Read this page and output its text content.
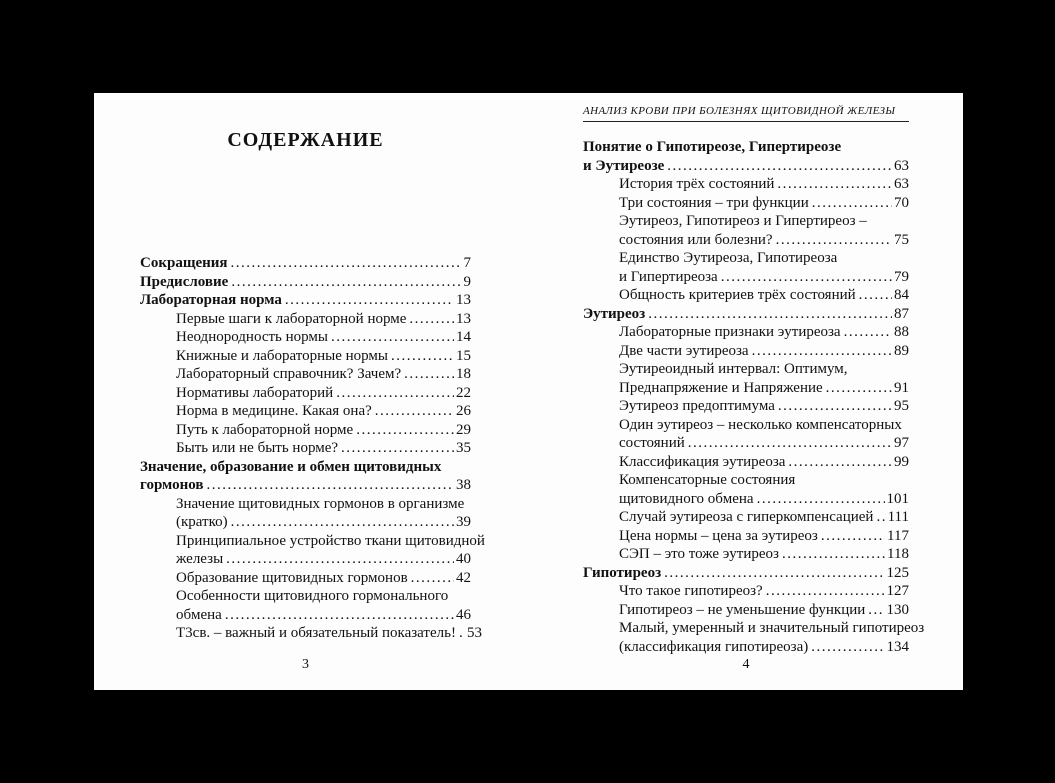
СОДЕРЖАНИЕ
Сокращения .....	7
Предисловие .....	9
Лабораторная норма .....	13
Первые шаги к лабораторной норме .....	13
Неоднородность нормы .....	14
Книжные и лабораторные нормы .....	15
Лабораторный справочник? Зачем? .....	18
Нормативы лабораторий .....	22
Норма в медицине. Какая она? .....	26
Путь к лабораторной норме .....	29
Быть или не быть норме? .....	35
Значение, образование и обмен щитовидных
гормонов .....	38
Значение щитовидных гормонов в организме
(кратко) .....	39
Принципиальное устройство ткани щитовидной
железы .....	40
Образование щитовидных гормонов .....	42
Особенности щитовидного гормонального
обмена .....	46
Т3св. – важный и обязательный показатель! ..... 53
3
АНАЛИЗ КРОВИ ПРИ БОЛЕЗНЯХ ЩИТОВИДНОЙ ЖЕЛЕЗЫ
Понятие о Гипотиреозе, Гипертиреозе
и Эутиреозе .....	63
История трёх состояний .....	63
Три состояния – три функции .....	70
Эутиреоз, Гипотиреоз и Гипертиреоз –
состояния или болезни? .....	75
Единство Эутиреоза, Гипотиреоза
и Гипертиреоза .....	79
Общность критериев трёх состояний .....	84
Эутиреоз .....	87
Лабораторные признаки эутиреоза .....	88
Две части эутиреоза .....	89
Эутиреоидный интервал: Оптимум,
Преднапряжение и Напряжение .....	91
Эутиреоз предоптимума .....	95
Один эутиреоз – несколько компенсаторных
состояний .....	97
Классификация эутиреоза .....	99
Компенсаторные состояния
щитовидного обмена .....	101
Случай эутиреоза с гиперкомпенсацией ..... 111
Цена нормы – цена за эутиреоз .....	117
СЭП – это тоже эутиреоз .....	118
Гипотиреоз .....	125
Что такое гипотиреоз? .....	127
Гипотиреоз – не уменьшение функции ..... 130
Малый, умеренный и значительный гипотиреоз
(классификация гипотиреоза) .....	134
4
